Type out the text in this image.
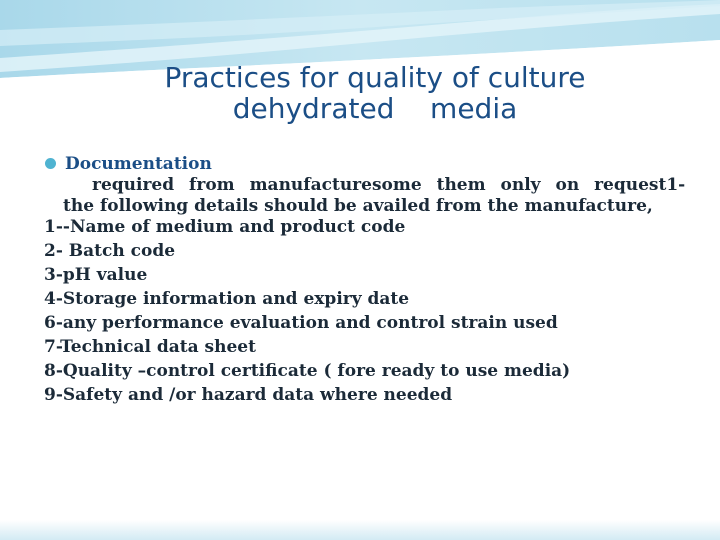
Practices for quality of culture
dehydrated    media
Documentation
required from manufacturesome them only on request1-
the following details should be availed from the manufacture,
1--Name of medium and product code
2- Batch code
3-pH value
4-Storage information and expiry date
6-any performance evaluation and control strain used
7-Technical data sheet
8-Quality –control certificate ( fore ready to use media)
9-Safety and /or hazard data where needed
